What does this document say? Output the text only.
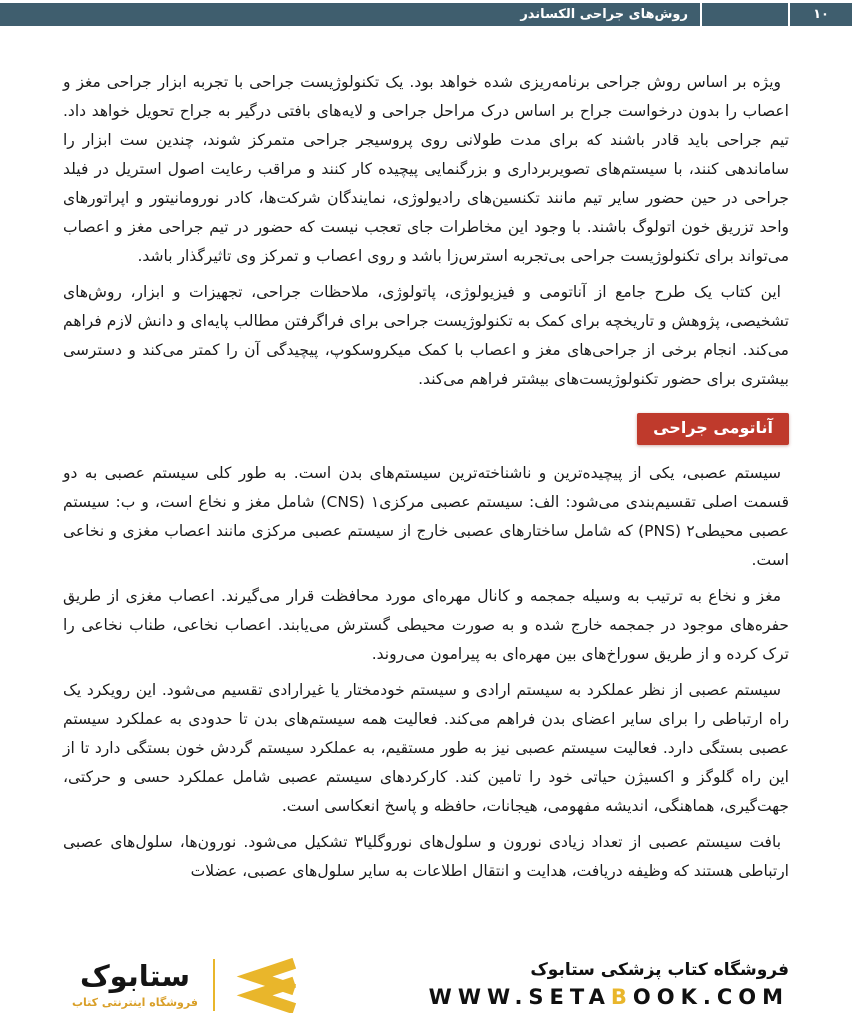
۱۰
روش‌های جراحی الکساندر

ویژه بر اساس روش جراحی برنامه‌ریزی شده خواهد بود. یک تکنولوژیست جراحی با تجربه ابزار جراحی مغز و اعصاب را بدون درخواست جراح بر اساس درک مراحل جراحی و لایه‌های بافتی درگیر به جراح تحویل خواهد داد. تیم جراحی باید قادر باشند که برای مدت طولانی روی پروسیجر جراحی متمرکز شوند، چندین ست ابزار را ساماندهی کنند، با سیستم‌های تصویربرداری و بزرگنمایی پیچیده کار کنند و مراقب رعایت اصول استریل در فیلد جراحی در حین حضور سایر تیم مانند تکنسین‌های رادیولوژی، نمایندگان شرکت‌ها، کادر نورومانیتور و اپراتورهای واحد تزریق خون اتولوگ باشند. با وجود این مخاطرات جای تعجب نیست که حضور در تیم جراحی مغز و اعصاب می‌تواند برای تکنولوژیست جراحی بی‌تجربه استرس‌زا باشد و روی اعصاب و تمرکز وی تاثیرگذار باشد.

این کتاب یک طرح جامع از آناتومی و فیزیولوژی، پاتولوژی، ملاحظات جراحی، تجهیزات و ابزار، روش‌های تشخیصی، پژوهش و تاریخچه برای کمک به تکنولوژیست جراحی برای فراگرفتن مطالب پایه‌ای و دانش لازم فراهم می‌کند. انجام برخی از جراحی‌های مغز و اعصاب با کمک میکروسکوپ، پیچیدگی آن را کمتر می‌کند و دسترسی بیشتری برای حضور تکنولوژیست‌های بیشتر فراهم می‌کند.

آناتومی جراحی

سیستم عصبی، یکی از پیچیده‌ترین و ناشناخته‌ترین سیستم‌های بدن است. به طور کلی سیستم عصبی به دو قسمت اصلی تقسیم‌بندی می‌شود: الف: سیستم عصبی مرکزی۱ (CNS) شامل مغز و نخاع است، و ب: سیستم عصبی محیطی۲ (PNS) که شامل ساختارهای عصبی خارج از سیستم عصبی مرکزی مانند اعصاب مغزی و نخاعی است.

مغز و نخاع به ترتیب به وسیله جمجمه و کانال مهره‌ای مورد محافظت قرار می‌گیرند. اعصاب مغزی از طریق حفره‌های موجود در جمجمه خارج شده و به صورت محیطی گسترش می‌یابند. اعصاب نخاعی، طناب نخاعی را ترک کرده و از طریق سوراخ‌های بین مهره‌ای به پیرامون می‌روند.

سیستم عصبی از نظر عملکرد به سیستم ارادی و سیستم خودمختار یا غیرارادی تقسیم می‌شود. این رویکرد یک راه ارتباطی را برای سایر اعضای بدن فراهم می‌کند. فعالیت همه سیستم‌های بدن تا حدودی به عملکرد سیستم عصبی بستگی دارد. فعالیت سیستم عصبی نیز به طور مستقیم، به عملکرد سیستم گردش خون بستگی دارد تا از این راه گلوگز و اکسیژن حیاتی خود را تامین کند. کارکردهای سیستم عصبی شامل عملکرد حسی و حرکتی، جهت‌گیری، هماهنگی، اندیشه مفهومی، هیجانات، حافظه و پاسخ انعکاسی است.

بافت سیستم عصبی از تعداد زیادی نورون و سلول‌های نوروگلیا۳ تشکیل می‌شود. نورون‌ها، سلول‌های عصبی ارتباطی هستند که وظیفه دریافت، هدایت و انتقال اطلاعات به سایر سلول‌های عصبی، عضلات

ستابوک
فروشگاه اینترنتی کتاب
فروشگاه کتاب پزشکی ستابوک
WWW.SETABOOK.COM
